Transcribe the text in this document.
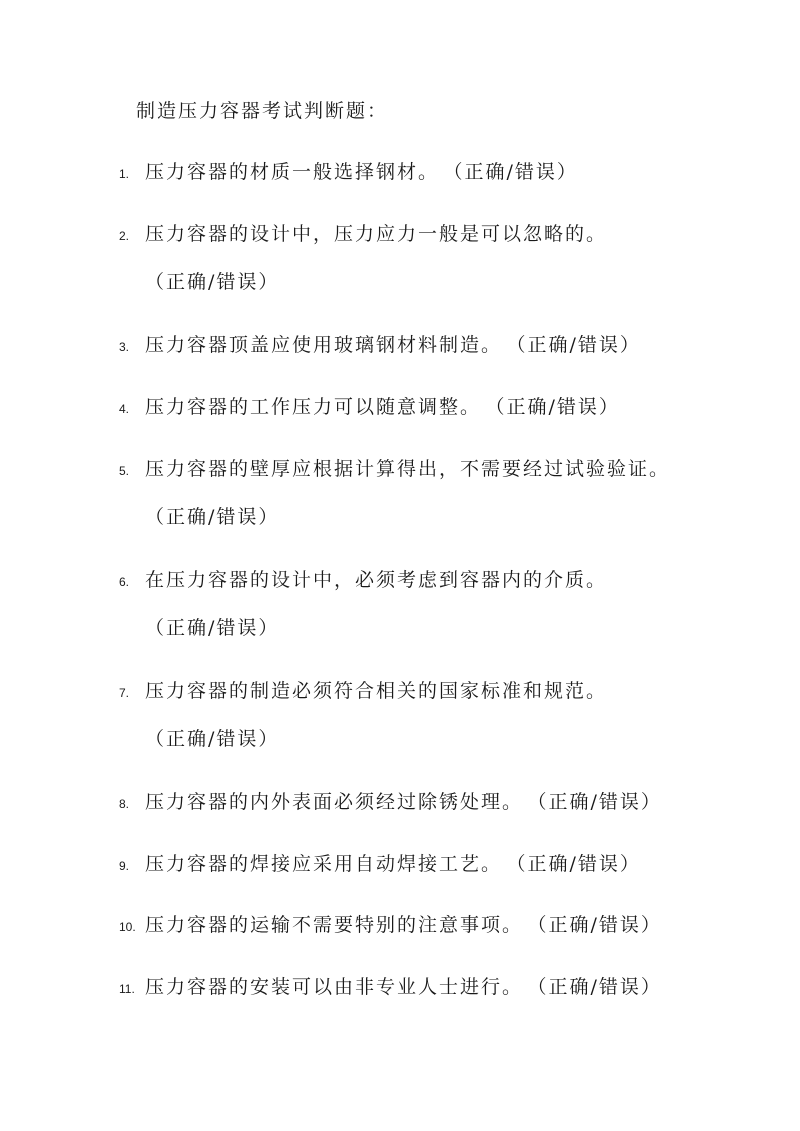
制造压力容器考试判断题：
1. 压力容器的材质一般选择钢材。 （正确/错误）
2. 压力容器的设计中，压力应力一般是可以忽略的。
（正确/错误）
3. 压力容器顶盖应使用玻璃钢材料制造。 （正确/错误）
4. 压力容器的工作压力可以随意调整。 （正确/错误）
5. 压力容器的壁厚应根据计算得出，不需要经过试验验证。
（正确/错误）
6. 在压力容器的设计中，必须考虑到容器内的介质。
（正确/错误）
7. 压力容器的制造必须符合相关的国家标准和规范。
（正确/错误）
8. 压力容器的内外表面必须经过除锈处理。 （正确/错误）
9. 压力容器的焊接应采用自动焊接工艺。 （正确/错误）
10. 压力容器的运输不需要特别的注意事项。 （正确/错误）
11. 压力容器的安装可以由非专业人士进行。 （正确/错误）
